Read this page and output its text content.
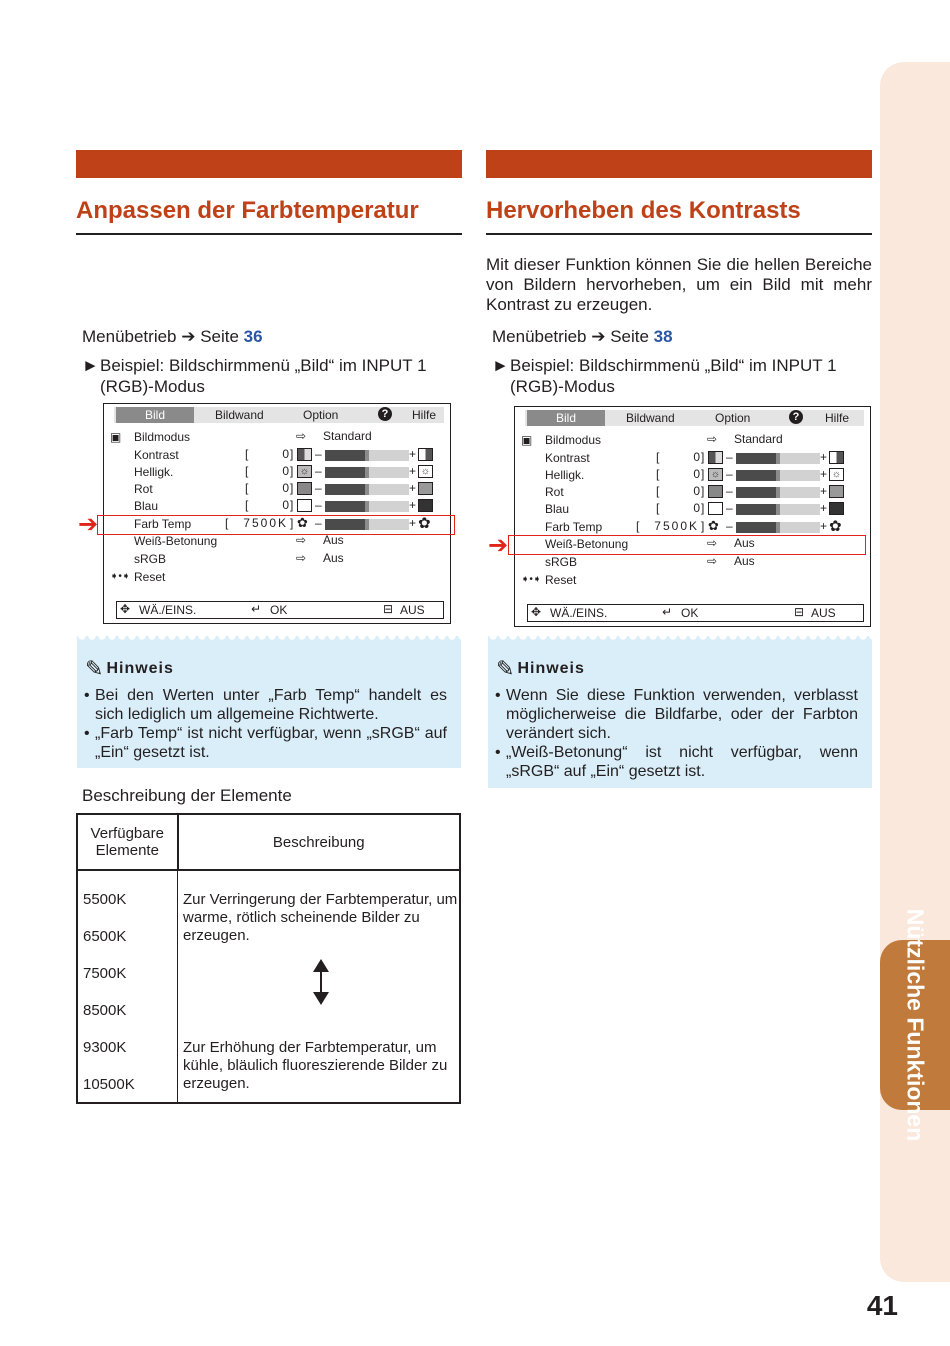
Nützliche Funktionen
41
Anpassen der Farbtemperatur
Menübetrieb ➔ Seite 36
► Beispiel: Bildschirmmenü „Bild“ im INPUT 1 (RGB)-Modus
Hervorheben des Kontrasts
Mit dieser Funktion können Sie die hellen Bereiche von Bildern hervorheben, um ein Bild mit mehr Kontrast zu erzeugen.
Menübetrieb ➔ Seite 38
► Beispiel: Bildschirmmenü „Bild“ im INPUT 1 (RGB)-Modus
Bild	Bildwand	Option	?	Hilfe
▣ Bildmodus	⇨ Standard
Kontrast	[	0 ] –	+
Helligk.	[	0 ] ☼ –	+ ☼
Rot	[	0 ] –	+
Blau	[	0 ] –	+
Farb Temp	[ 7500K ] ✿ –	+ ✿
Weiß-Betonung	⇨ Aus
sRGB	⇨ Aus
➧•➧ Reset
✥ WÄ./EINS.	↵ OK	⊟ AUS
➔
Bild	Bildwand	Option	?	Hilfe
▣ Bildmodus	⇨ Standard
Kontrast	[	0 ] –	+
Helligk.	[	0 ] ☼ –	+ ☼
Rot	[	0 ] –	+
Blau	[	0 ] –	+
Farb Temp	[ 7500K ] ✿ –	+ ✿
Weiß-Betonung	⇨ Aus
sRGB	⇨ Aus
➧•➧ Reset
✥ WÄ./EINS.	↵ OK	⊟ AUS
➔
✎ Hinweis

• Bei den Werten unter „Farb Temp“ handelt es sich lediglich um allgemeine Richtwerte.

• „Farb Temp“ ist nicht verfügbar, wenn „sRGB“ auf „Ein“ gesetzt ist.

✎ Hinweis

• Wenn Sie diese Funktion verwenden, verblasst möglicherweise die Bildfarbe, oder der Farbton verändert sich.

• „Weiß-Betonung“ ist nicht verfügbar, wenn „sRGB“ auf „Ein“ gesetzt ist.

Beschreibung der Elemente
Verfügbare Elemente	Beschreibung
5500K	Zur Verringerung der Farbtemperatur, um warme, rötlich scheinende Bilder zu erzeugen.
6500K	
7500K	
8500K	
9300K	Zur Erhöhung der Farbtemperatur, um kühle, bläulich fluoreszierende Bilder zu erzeugen.
10500K	
